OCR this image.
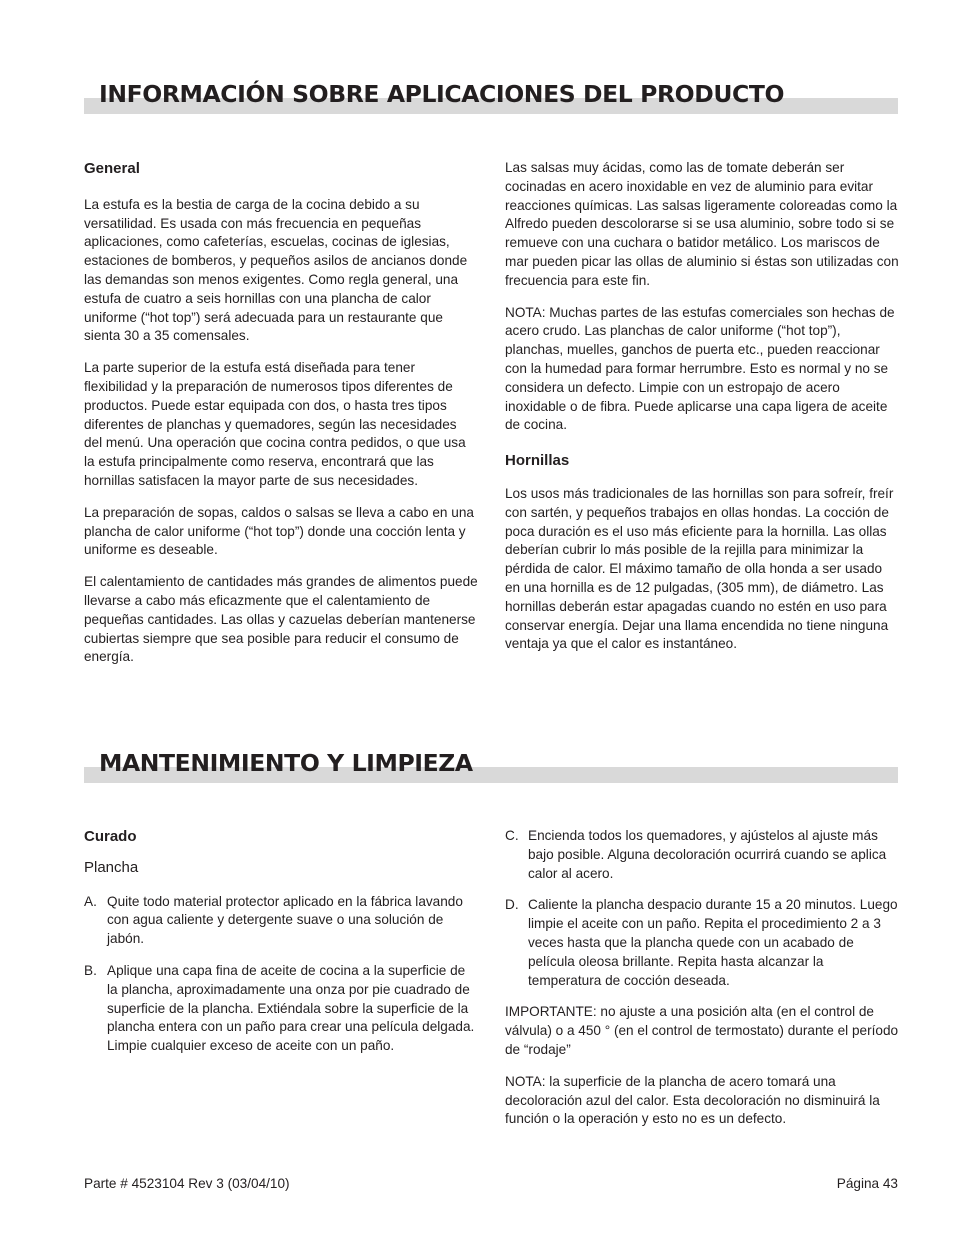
INFORMACIÓN SOBRE APLICACIONES DEL PRODUCTO
General

La estufa es la bestia de carga de la cocina debido a su versatilidad. Es usada con más frecuencia en pequeñas aplicaciones, como cafeterías, escuelas, cocinas de iglesias, estaciones de bomberos, y pequeños asilos de ancianos donde las demandas son menos exigentes. Como regla general, una estufa de cuatro a seis hornillas con una plancha de calor uniforme (“hot top”) será adecuada para un restaurante que sienta 30 a 35 comensales.

La parte superior de la estufa está diseñada para tener flexibilidad y la preparación de numerosos tipos diferentes de productos. Puede estar equipada con dos, o hasta tres tipos diferentes de planchas y quemadores, según las necesidades del menú. Una operación que cocina contra pedidos, o que usa la estufa principalmente como reserva, encontrará que las hornillas satisfacen la mayor parte de sus necesidades.

La preparación de sopas, caldos o salsas se lleva a cabo en una plancha de calor uniforme (“hot top”) donde una cocción lenta y uniforme es deseable.

El calentamiento de cantidades más grandes de alimentos puede llevarse a cabo más eficazmente que el calentamiento de pequeñas cantidades. Las ollas y cazuelas deberían mantenerse cubiertas siempre que sea posible para reducir el consumo de energía.

Las salsas muy ácidas, como las de tomate deberán ser cocinadas en acero inoxidable en vez de aluminio para evitar reacciones químicas. Las salsas ligeramente coloreadas como la Alfredo pueden descolorarse si se usa aluminio, sobre todo si se remueve con una cuchara o batidor metálico. Los mariscos de mar pueden picar las ollas de aluminio si éstas son utilizadas con frecuencia para este fin.

NOTA: Muchas partes de las estufas comerciales son hechas de acero crudo. Las planchas de calor uniforme (“hot top”), planchas, muelles, ganchos de puerta etc., pueden reaccionar con la humedad para formar herrumbre. Esto es normal y no se considera un defecto. Limpie con un estropajo de acero inoxidable o de fibra. Puede aplicarse una capa ligera de aceite de cocina.

Hornillas

Los usos más tradicionales de las hornillas son para sofreír, freír con sartén, y pequeños trabajos en ollas hondas. La cocción de poca duración es el uso más eficiente para la hornilla. Las ollas deberían cubrir lo más posible de la rejilla para minimizar la pérdida de calor. El máximo tamaño de olla honda a ser usado en una hornilla es de 12 pulgadas, (305 mm), de diámetro. Las hornillas deberán estar apagadas cuando no estén en uso para conservar energía. Dejar una llama encendida no tiene ninguna ventaja ya que el calor es instantáneo.

MANTENIMIENTO Y LIMPIEZA
Curado
Plancha
A. Quite todo material protector aplicado en la fábrica lavando con agua caliente y detergente suave o una solución de jabón.
B. Aplique una capa fina de aceite de cocina a la superficie de la plancha, aproximadamente una onza por pie cuadrado de superficie de la plancha. Extiéndala sobre la superficie de la plancha entera con un paño para crear una película delgada. Limpie cualquier exceso de aceite con un paño.
C. Encienda todos los quemadores, y ajústelos al ajuste más bajo posible. Alguna decoloración ocurrirá cuando se aplica calor al acero.
D. Caliente la plancha despacio durante 15 a 20 minutos. Luego limpie el aceite con un paño. Repita el procedimiento 2 a 3 veces hasta que la plancha quede con un acabado de película oleosa brillante. Repita hasta alcanzar la temperatura de cocción deseada.

IMPORTANTE: no ajuste a una posición alta (en el control de válvula) o a 450 ° (en el control de termostato) durante el período de “rodaje”

NOTA: la superficie de la plancha de acero tomará una decoloración azul del calor. Esta decoloración no disminuirá la función o la operación y esto no es un defecto.

Parte # 4523104 Rev 3 (03/04/10)	Página 43
